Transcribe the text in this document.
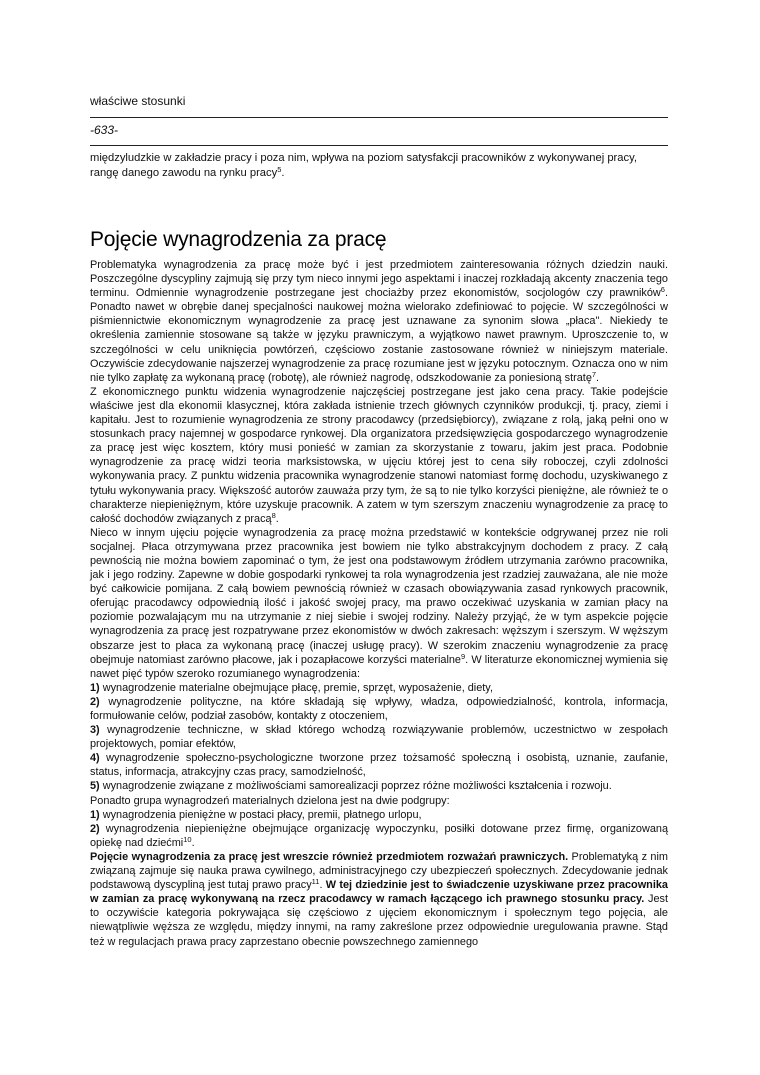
właściwe stosunki
-633-

międzyludzkie w zakładzie pracy i poza nim, wpływa na poziom satysfakcji pracowników z wykonywanej pracy, rangę danego zawodu na rynku pracy$^5$.

Pojęcie wynagrodzenia za pracę

Problematyka wynagrodzenia za pracę może być i jest przedmiotem zainteresowania różnych dziedzin nauki. Poszczególne dyscypliny zajmują się przy tym nieco innymi jego aspektami i inaczej rozkładają akcenty znaczenia tego terminu. Odmiennie wynagrodzenie postrzegane jest chociażby przez ekonomistów, socjologów czy prawników$^6$. Ponadto nawet w obrębie danej specjalności naukowej można wielorako zdefiniować to pojęcie. W szczególności w piśmiennictwie ekonomicznym wynagrodzenie za pracę jest uznawane za synonim słowa „płaca". Niekiedy te określenia zamiennie stosowane są także w języku prawniczym, a wyjątkowo nawet prawnym. Uproszczenie to, w szczególności w celu uniknięcia powtórzeń, częściowo zostanie zastosowane również w niniejszym materiale. Oczywiście zdecydowanie najszerzej wynagrodzenie za pracę rozumiane jest w języku potocznym. Oznacza ono w nim nie tylko zapłatę za wykonaną pracę (robotę), ale również nagrodę, odszkodowanie za poniesioną stratę$^7$.

Z ekonomicznego punktu widzenia wynagrodzenie najczęściej postrzegane jest jako cena pracy. Takie podejście właściwe jest dla ekonomii klasycznej, która zakłada istnienie trzech głównych czynników produkcji, tj. pracy, ziemi i kapitału. Jest to rozumienie wynagrodzenia ze strony pracodawcy (przedsiębiorcy), związane z rolą, jaką pełni ono w stosunkach pracy najemnej w gospodarce rynkowej. Dla organizatora przedsięwzięcia gospodarczego wynagrodzenie za pracę jest więc kosztem, który musi ponieść w zamian za skorzystanie z towaru, jakim jest praca. Podobnie wynagrodzenie za pracę widzi teoria marksistowska, w ujęciu której jest to cena siły roboczej, czyli zdolności wykonywania pracy. Z punktu widzenia pracownika wynagrodzenie stanowi natomiast formę dochodu, uzyskiwanego z tytułu wykonywania pracy. Większość autorów zauważa przy tym, że są to nie tylko korzyści pieniężne, ale również te o charakterze niepieniężnym, które uzyskuje pracownik. A zatem w tym szerszym znaczeniu wynagrodzenie za pracę to całość dochodów związanych z pracą$^8$.

Nieco w innym ujęciu pojęcie wynagrodzenia za pracę można przedstawić w kontekście odgrywanej przez nie roli socjalnej. Płaca otrzymywana przez pracownika jest bowiem nie tylko abstrakcyjnym dochodem z pracy. Z całą pewnością nie można bowiem zapominać o tym, że jest ona podstawowym źródłem utrzymania zarówno pracownika, jak i jego rodziny. Zapewne w dobie gospodarki rynkowej ta rola wynagrodzenia jest rzadziej zauważana, ale nie może być całkowicie pomijana. Z całą bowiem pewnością również w czasach obowiązywania zasad rynkowych pracownik, oferując pracodawcy odpowiednią ilość i jakość swojej pracy, ma prawo oczekiwać uzyskania w zamian płacy na poziomie pozwalającym mu na utrzymanie z niej siebie i swojej rodziny. Należy przyjąć, że w tym aspekcie pojęcie wynagrodzenia za pracę jest rozpatrywane przez ekonomistów w dwóch zakresach: węższym i szerszym. W węższym obszarze jest to płaca za wykonaną pracę (inaczej usługę pracy). W szerokim znaczeniu wynagrodzenie za pracę obejmuje natomiast zarówno płacowe, jak i pozapłacowe korzyści materialne$^9$. W literaturze ekonomicznej wymienia się nawet pięć typów szeroko rozumianego wynagrodzenia:

1) wynagrodzenie materialne obejmujące płacę, premie, sprzęt, wyposażenie, diety,

2) wynagrodzenie polityczne, na które składają się wpływy, władza, odpowiedzialność, kontrola, informacja, formułowanie celów, podział zasobów, kontakty z otoczeniem,

3) wynagrodzenie techniczne, w skład którego wchodzą rozwiązywanie problemów, uczestnictwo w zespołach projektowych, pomiar efektów,

4) wynagrodzenie społeczno-psychologiczne tworzone przez tożsamość społeczną i osobistą, uznanie, zaufanie, status, informacja, atrakcyjny czas pracy, samodzielność,

5) wynagrodzenie związane z możliwościami samorealizacji poprzez różne możliwości kształcenia i rozwoju.

Ponadto grupa wynagrodzeń materialnych dzielona jest na dwie podgrupy:

1) wynagrodzenia pieniężne w postaci płacy, premii, płatnego urlopu,

2) wynagrodzenia niepieniężne obejmujące organizację wypoczynku, posiłki dotowane przez firmę, organizowaną opiekę nad dziećmi$^{10}$.

Pojęcie wynagrodzenia za pracę jest wreszcie również przedmiotem rozważań prawniczych. Problematyką z nim związaną zajmuje się nauka prawa cywilnego, administracyjnego czy ubezpieczeń społecznych. Zdecydowanie jednak podstawową dyscypliną jest tutaj prawo pracy$^{11}$. W tej dziedzinie jest to świadczenie uzyskiwane przez pracownika w zamian za pracę wykonywaną na rzecz pracodawcy w ramach łączącego ich prawnego stosunku pracy. Jest to oczywiście kategoria pokrywająca się częściowo z ujęciem ekonomicznym i społecznym tego pojęcia, ale niewątpliwie węższa ze względu, między innymi, na ramy zakreślone przez odpowiednie uregulowania prawne. Stąd też w regulacjach prawa pracy zaprzestano obecnie powszechnego zamiennego
